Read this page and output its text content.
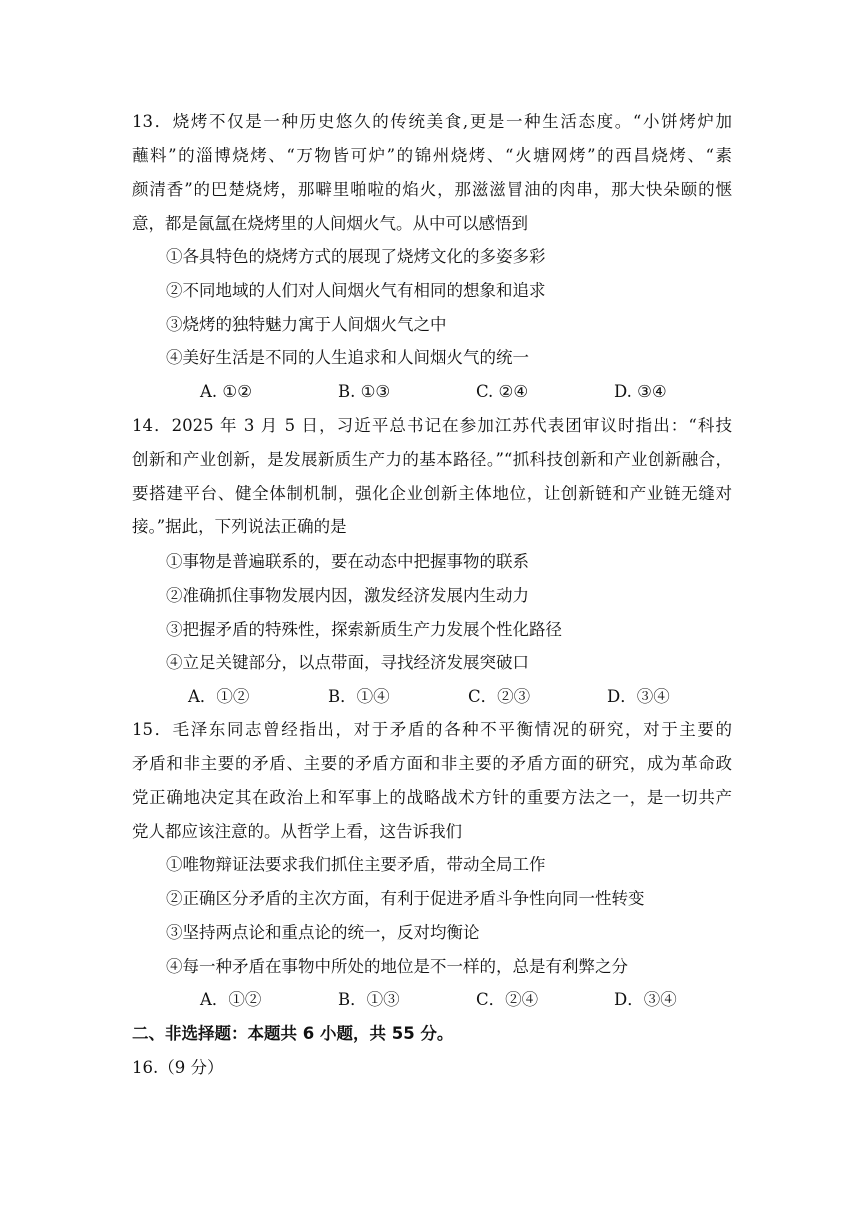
13．烧烤不仅是一种历史悠久的传统美食,更是一种生活态度。“小饼烤炉加
蘸料”的淄博烧烤、“万物皆可炉”的锦州烧烤、“火塘网烤”的西昌烧烤、“素
颜清香”的巴楚烧烤，那噼里啪啦的焰火，那滋滋冒油的肉串，那大快朵颐的惬
意，都是氤氲在烧烤里的人间烟火气。从中可以感悟到
①各具特色的烧烤方式的展现了烧烤文化的多姿多彩
②不同地域的人们对人间烟火气有相同的想象和追求
③烧烤的独特魅力寓于人间烟火气之中
④美好生活是不同的人生追求和人间烟火气的统一
A. ①②	B. ①③	C. ②④	D. ③④
14．2025 年 3 月 5 日，习近平总书记在参加江苏代表团审议时指出：“科技
创新和产业创新，是发展新质生产力的基本路径。”“抓科技创新和产业创新融合，
要搭建平台、健全体制机制，强化企业创新主体地位，让创新链和产业链无缝对
接。”据此，下列说法正确的是
①事物是普遍联系的，要在动态中把握事物的联系
②准确抓住事物发展内因，激发经济发展内生动力
③把握矛盾的特殊性，探索新质生产力发展个性化路径
④立足关键部分，以点带面，寻找经济发展突破口
A．①②	B．①④	C．②③	D．③④
15．毛泽东同志曾经指出，对于矛盾的各种不平衡情况的研究，对于主要的
矛盾和非主要的矛盾、主要的矛盾方面和非主要的矛盾方面的研究，成为革命政
党正确地决定其在政治上和军事上的战略战术方针的重要方法之一，是一切共产
党人都应该注意的。从哲学上看，这告诉我们
①唯物辩证法要求我们抓住主要矛盾，带动全局工作
②正确区分矛盾的主次方面，有利于促进矛盾斗争性向同一性转变
③坚持两点论和重点论的统一，反对均衡论
④每一种矛盾在事物中所处的地位是不一样的，总是有利弊之分
A．①②	B．①③	C．②④	D．③④
二、非选择题：本题共 6 小题，共 55 分。
16.（9 分）
